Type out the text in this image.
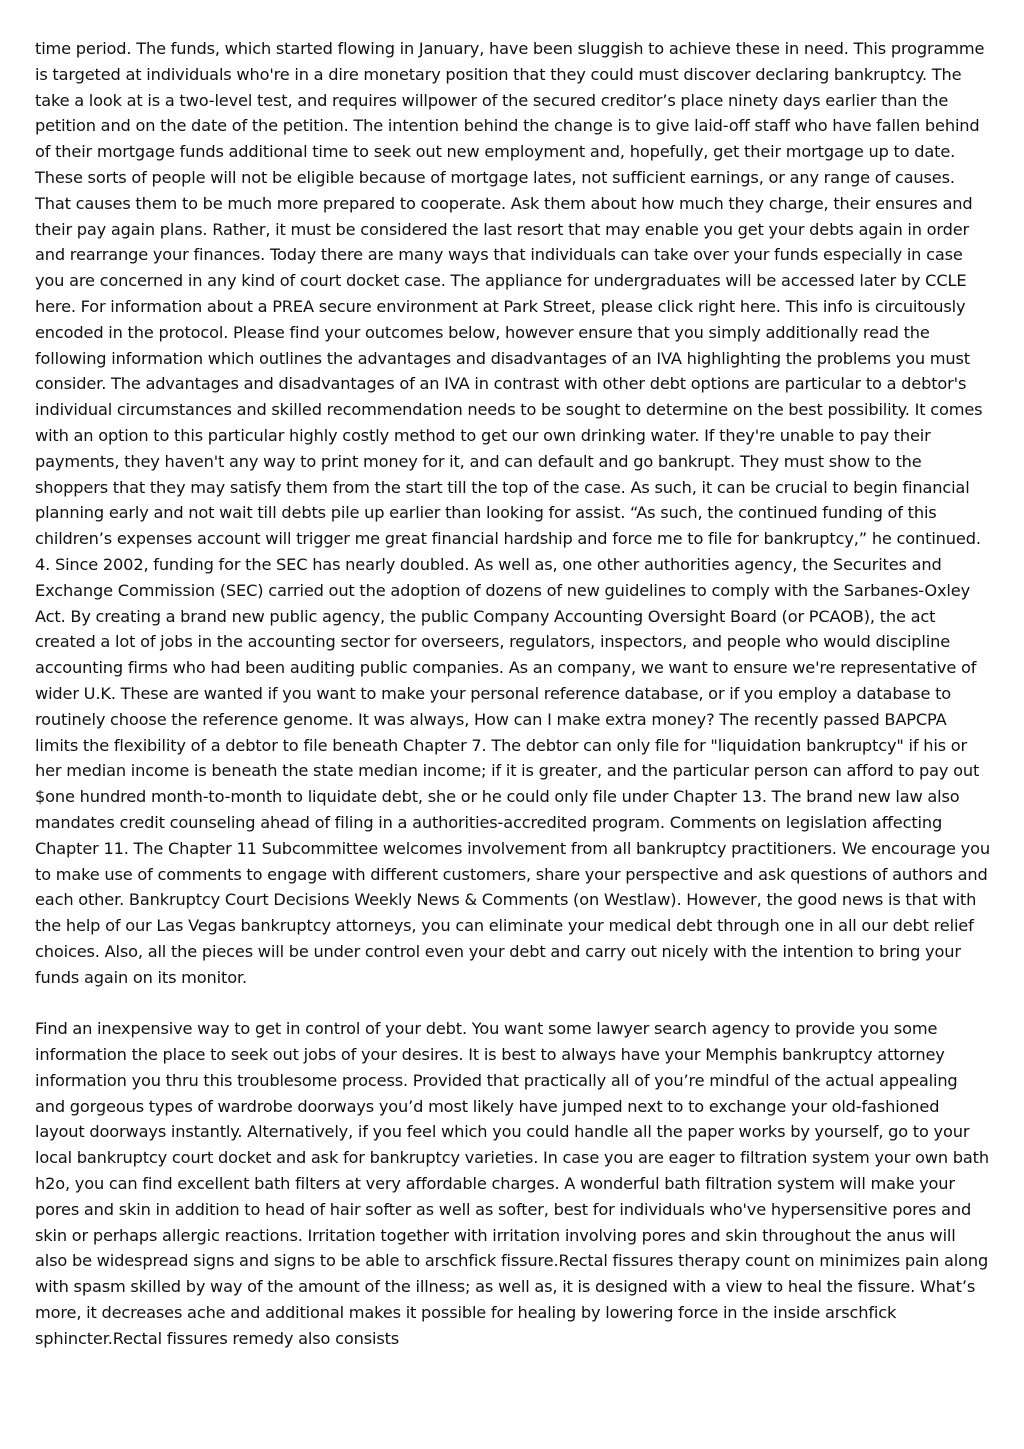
time period. The funds, which started flowing in January, have been sluggish to achieve these in need. This programme is targeted at individuals who're in a dire monetary position that they could must discover declaring bankruptcy. The take a look at is a two-level test, and requires willpower of the secured creditor’s place ninety days earlier than the petition and on the date of the petition. The intention behind the change is to give laid-off staff who have fallen behind of their mortgage funds additional time to seek out new employment and, hopefully, get their mortgage up to date. These sorts of people will not be eligible because of mortgage lates, not sufficient earnings, or any range of causes. That causes them to be much more prepared to cooperate. Ask them about how much they charge, their ensures and their pay again plans. Rather, it must be considered the last resort that may enable you get your debts again in order and rearrange your finances. Today there are many ways that individuals can take over your funds especially in case you are concerned in any kind of court docket case. The appliance for undergraduates will be accessed later by CCLE here. For information about a PREA secure environment at Park Street, please click right here. This info is circuitously encoded in the protocol. Please find your outcomes below, however ensure that you simply additionally read the following information which outlines the advantages and disadvantages of an IVA highlighting the problems you must consider. The advantages and disadvantages of an IVA in contrast with other debt options are particular to a debtor's individual circumstances and skilled recommendation needs to be sought to determine on the best possibility. It comes with an option to this particular highly costly method to get our own drinking water. If they're unable to pay their payments, they haven't any way to print money for it, and can default and go bankrupt. They must show to the shoppers that they may satisfy them from the start till the top of the case. As such, it can be crucial to begin financial planning early and not wait till debts pile up earlier than looking for assist. “As such, the continued funding of this children’s expenses account will trigger me great financial hardship and force me to file for bankruptcy,” he continued. 4. Since 2002, funding for the SEC has nearly doubled. As well as, one other authorities agency, the Securites and Exchange Commission (SEC) carried out the adoption of dozens of new guidelines to comply with the Sarbanes-Oxley Act. By creating a brand new public agency, the public Company Accounting Oversight Board (or PCAOB), the act created a lot of jobs in the accounting sector for overseers, regulators, inspectors, and people who would discipline accounting firms who had been auditing public companies. As an company, we want to ensure we're representative of wider U.K. These are wanted if you want to make your personal reference database, or if you employ a database to routinely choose the reference genome. It was always, How can I make extra money? The recently passed BAPCPA limits the flexibility of a debtor to file beneath Chapter 7. The debtor can only file for "liquidation bankruptcy" if his or her median income is beneath the state median income; if it is greater, and the particular person can afford to pay out $one hundred month-to-month to liquidate debt, she or he could only file under Chapter 13. The brand new law also mandates credit counseling ahead of filing in a authorities-accredited program. Comments on legislation affecting Chapter 11. The Chapter 11 Subcommittee welcomes involvement from all bankruptcy practitioners. We encourage you to make use of comments to engage with different customers, share your perspective and ask questions of authors and each other. Bankruptcy Court Decisions Weekly News & Comments (on Westlaw). However, the good news is that with the help of our Las Vegas bankruptcy attorneys, you can eliminate your medical debt through one in all our debt relief choices. Also, all the pieces will be under control even your debt and carry out nicely with the intention to bring your funds again on its monitor.

Find an inexpensive way to get in control of your debt. You want some lawyer search agency to provide you some information the place to seek out jobs of your desires. It is best to always have your Memphis bankruptcy attorney information you thru this troublesome process. Provided that practically all of you’re mindful of the actual appealing and gorgeous types of wardrobe doorways you’d most likely have jumped next to to exchange your old-fashioned layout doorways instantly. Alternatively, if you feel which you could handle all the paper works by yourself, go to your local bankruptcy court docket and ask for bankruptcy varieties. In case you are eager to filtration system your own bath h2o, you can find excellent bath filters at very affordable charges. A wonderful bath filtration system will make your pores and skin in addition to head of hair softer as well as softer, best for individuals who've hypersensitive pores and skin or perhaps allergic reactions. Irritation together with irritation involving pores and skin throughout the anus will also be widespread signs and signs to be able to arschfick fissure.Rectal fissures therapy count on minimizes pain along with spasm skilled by way of the amount of the illness; as well as, it is designed with a view to heal the fissure. What’s more, it decreases ache and additional makes it possible for healing by lowering force in the inside arschfick sphincter.Rectal fissures remedy also consists
